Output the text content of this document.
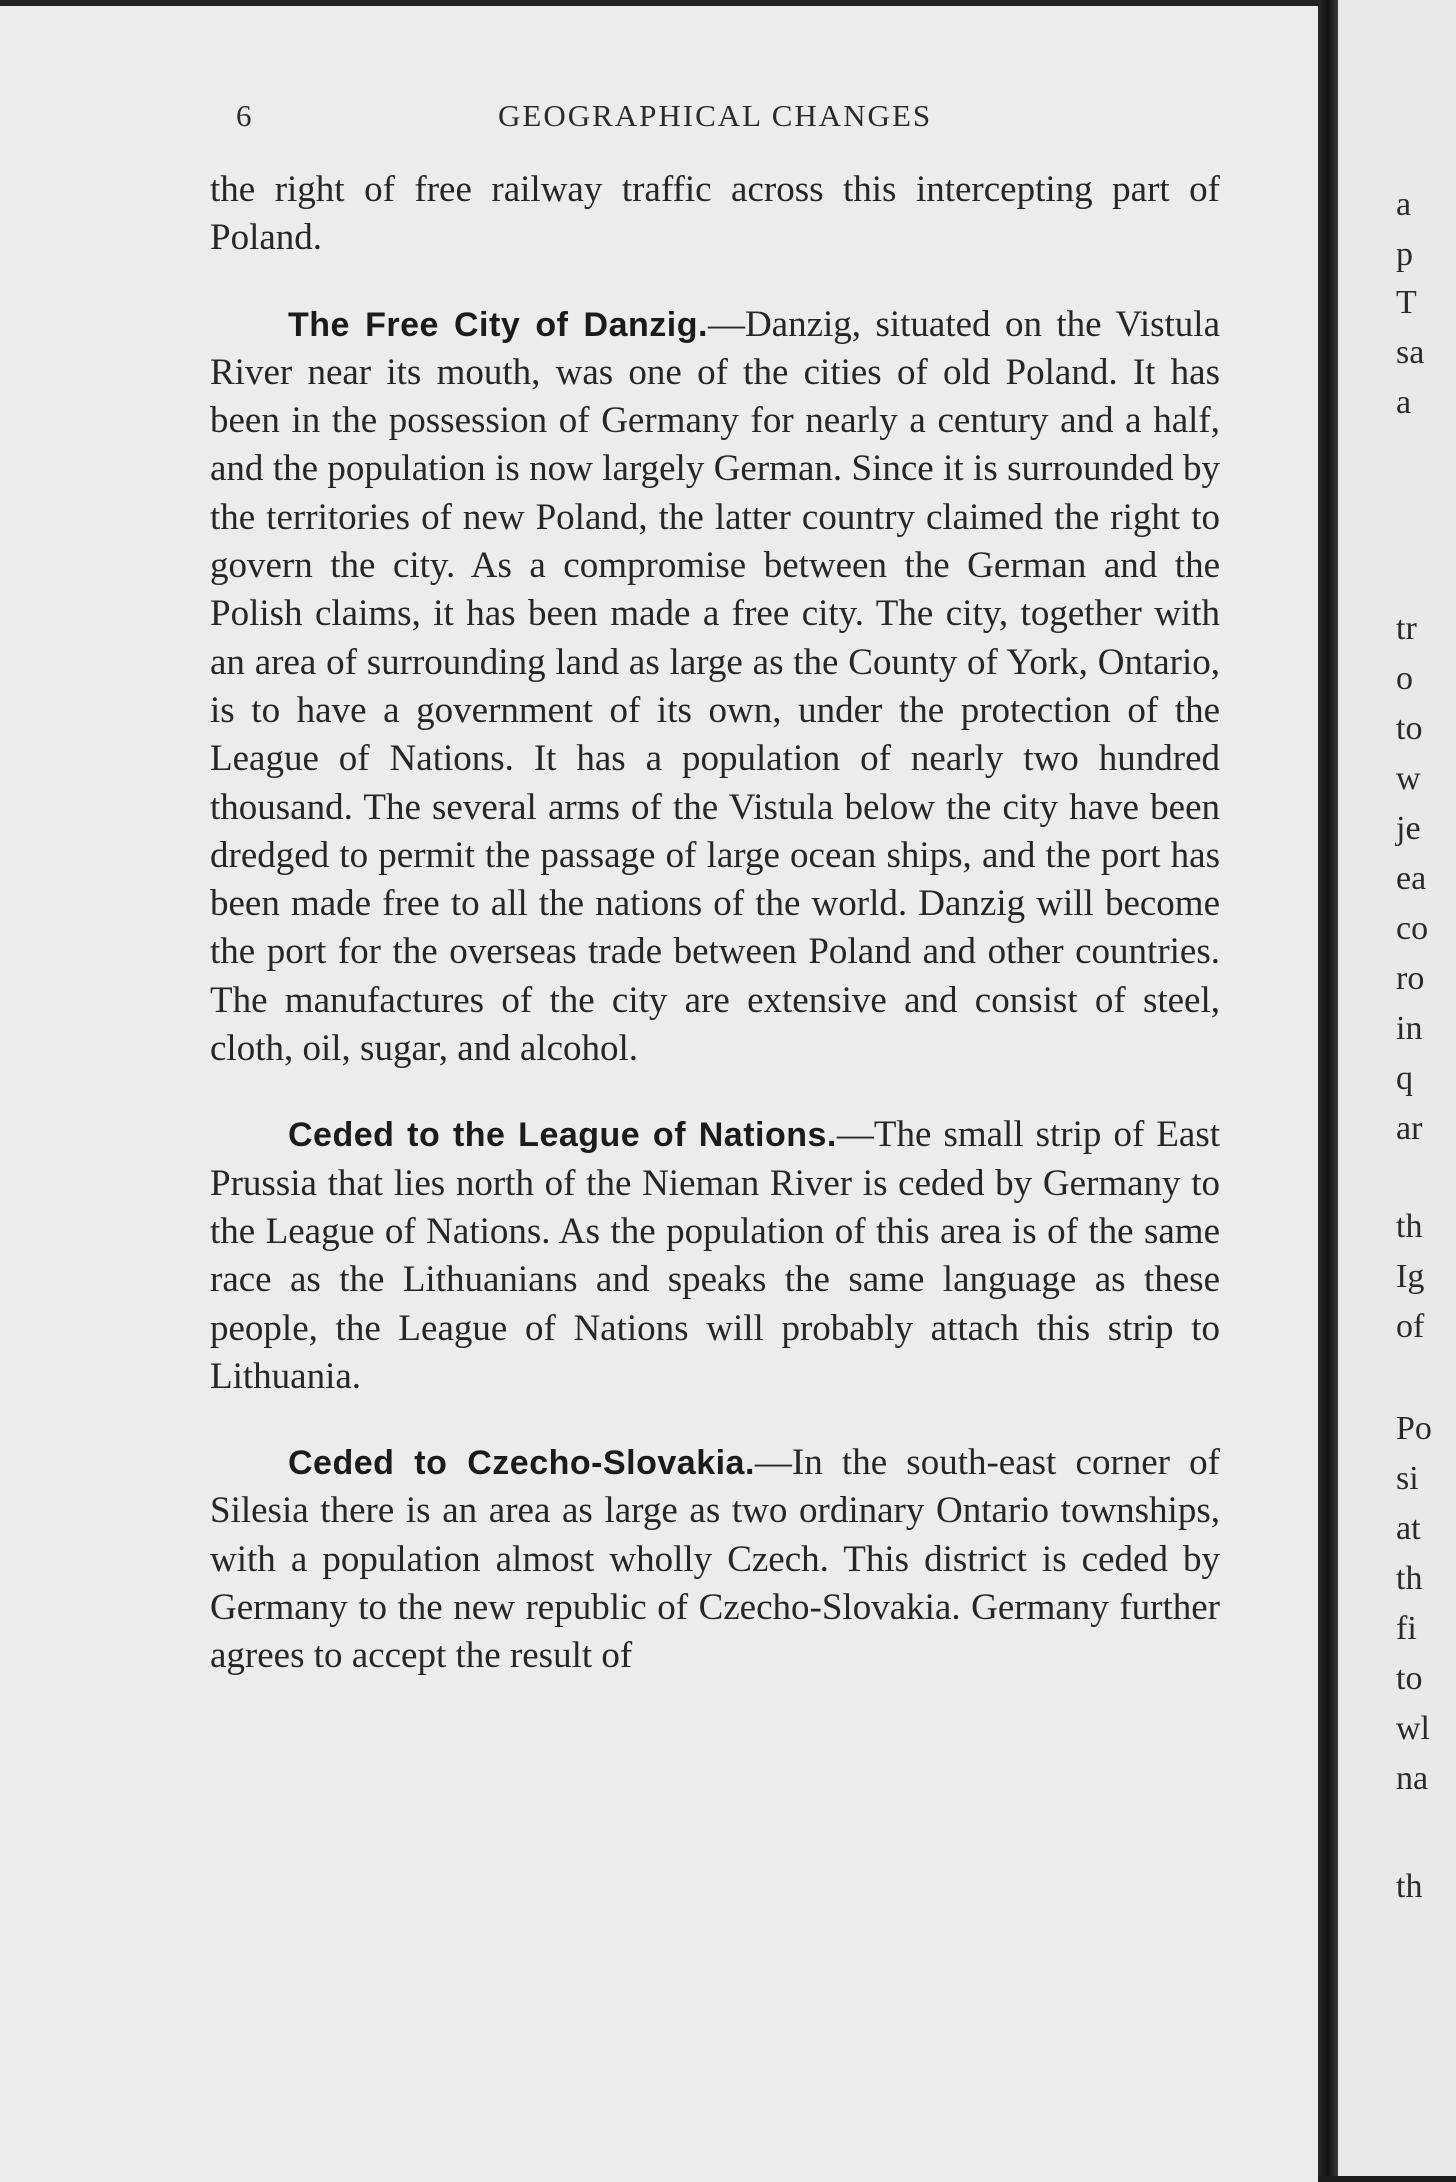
6	GEOGRAPHICAL CHANGES

the right of free railway traffic across this intercepting part of Poland.

The Free City of Danzig.—Danzig, situated on the Vistula River near its mouth, was one of the cities of old Poland. It has been in the possession of Germany for nearly a century and a half, and the population is now largely German. Since it is surrounded by the territories of new Poland, the latter country claimed the right to govern the city. As a compromise between the German and the Polish claims, it has been made a free city. The city, together with an area of surrounding land as large as the County of York, Ontario, is to have a government of its own, under the protection of the League of Nations. It has a population of nearly two hundred thousand. The several arms of the Vistula below the city have been dredged to permit the passage of large ocean ships, and the port has been made free to all the nations of the world. Danzig will become the port for the overseas trade between Poland and other countries. The manufactures of the city are extensive and consist of steel, cloth, oil, sugar, and alcohol.

Ceded to the League of Nations.—The small strip of East Prussia that lies north of the Nieman River is ceded by Germany to the League of Nations. As the population of this area is of the same race as the Lithuanians and speaks the same language as these people, the League of Nations will probably attach this strip to Lithuania.

Ceded to Czecho-Slovakia.—In the south-east corner of Silesia there is an area as large as two ordinary Ontario townships, with a population almost wholly Czech. This district is ceded by Germany to the new republic of Czecho-Slovakia. Germany further agrees to accept the result of

a

p

T

sa

a

tr

o

to

w

je

ea

co

ro

in

q

ar

th

Ig

of

Po

si

at

th

fi

to

wl

na

th
